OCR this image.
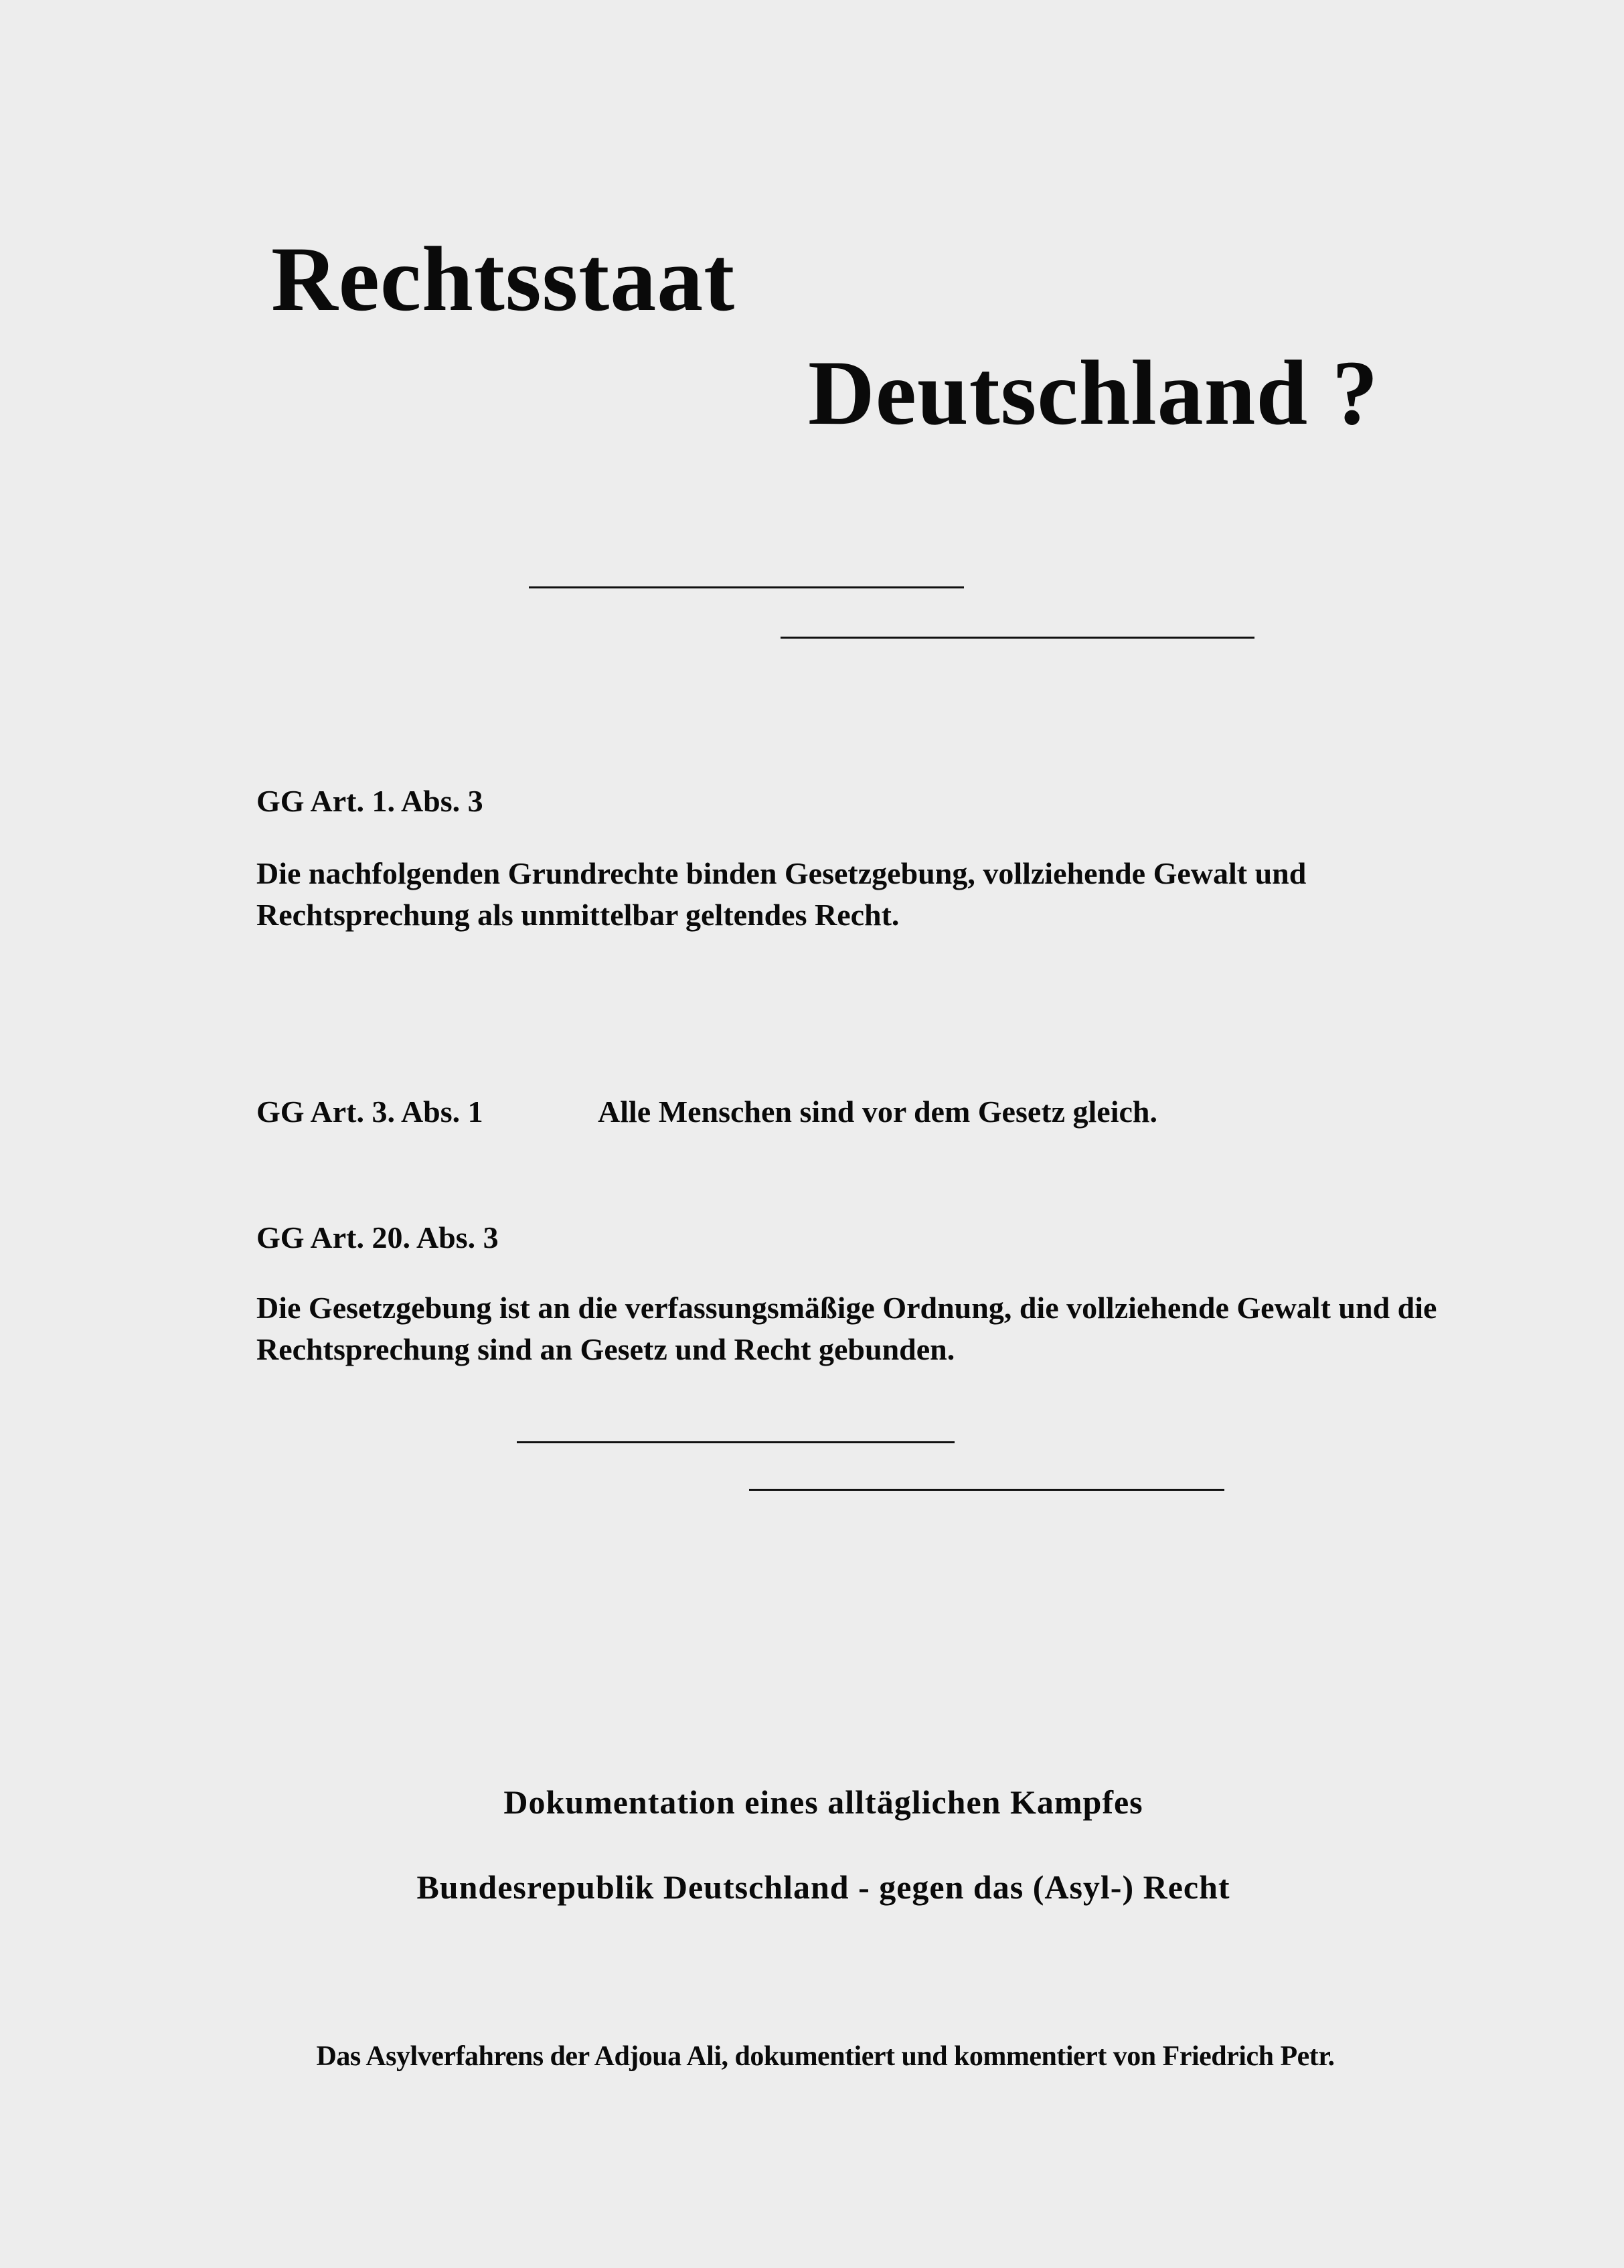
Rechtsstaat
Deutschland ?
GG Art. 1. Abs. 3
Die nachfolgenden Grundrechte binden Gesetzgebung, vollziehende Gewalt und
Rechtsprechung als unmittelbar geltendes Recht.
GG Art. 3. Abs. 1	Alle Menschen sind vor dem Gesetz gleich.
GG Art. 20. Abs. 3
Die Gesetzgebung ist an die verfassungsmäßige Ordnung, die vollziehende Gewalt und die
Rechtsprechung sind an Gesetz und Recht gebunden.
Dokumentation eines alltäglichen Kampfes
Bundesrepublik Deutschland - gegen das (Asyl-) Recht
Das Asylverfahrens der Adjoua Ali, dokumentiert und kommentiert von Friedrich Petr.
